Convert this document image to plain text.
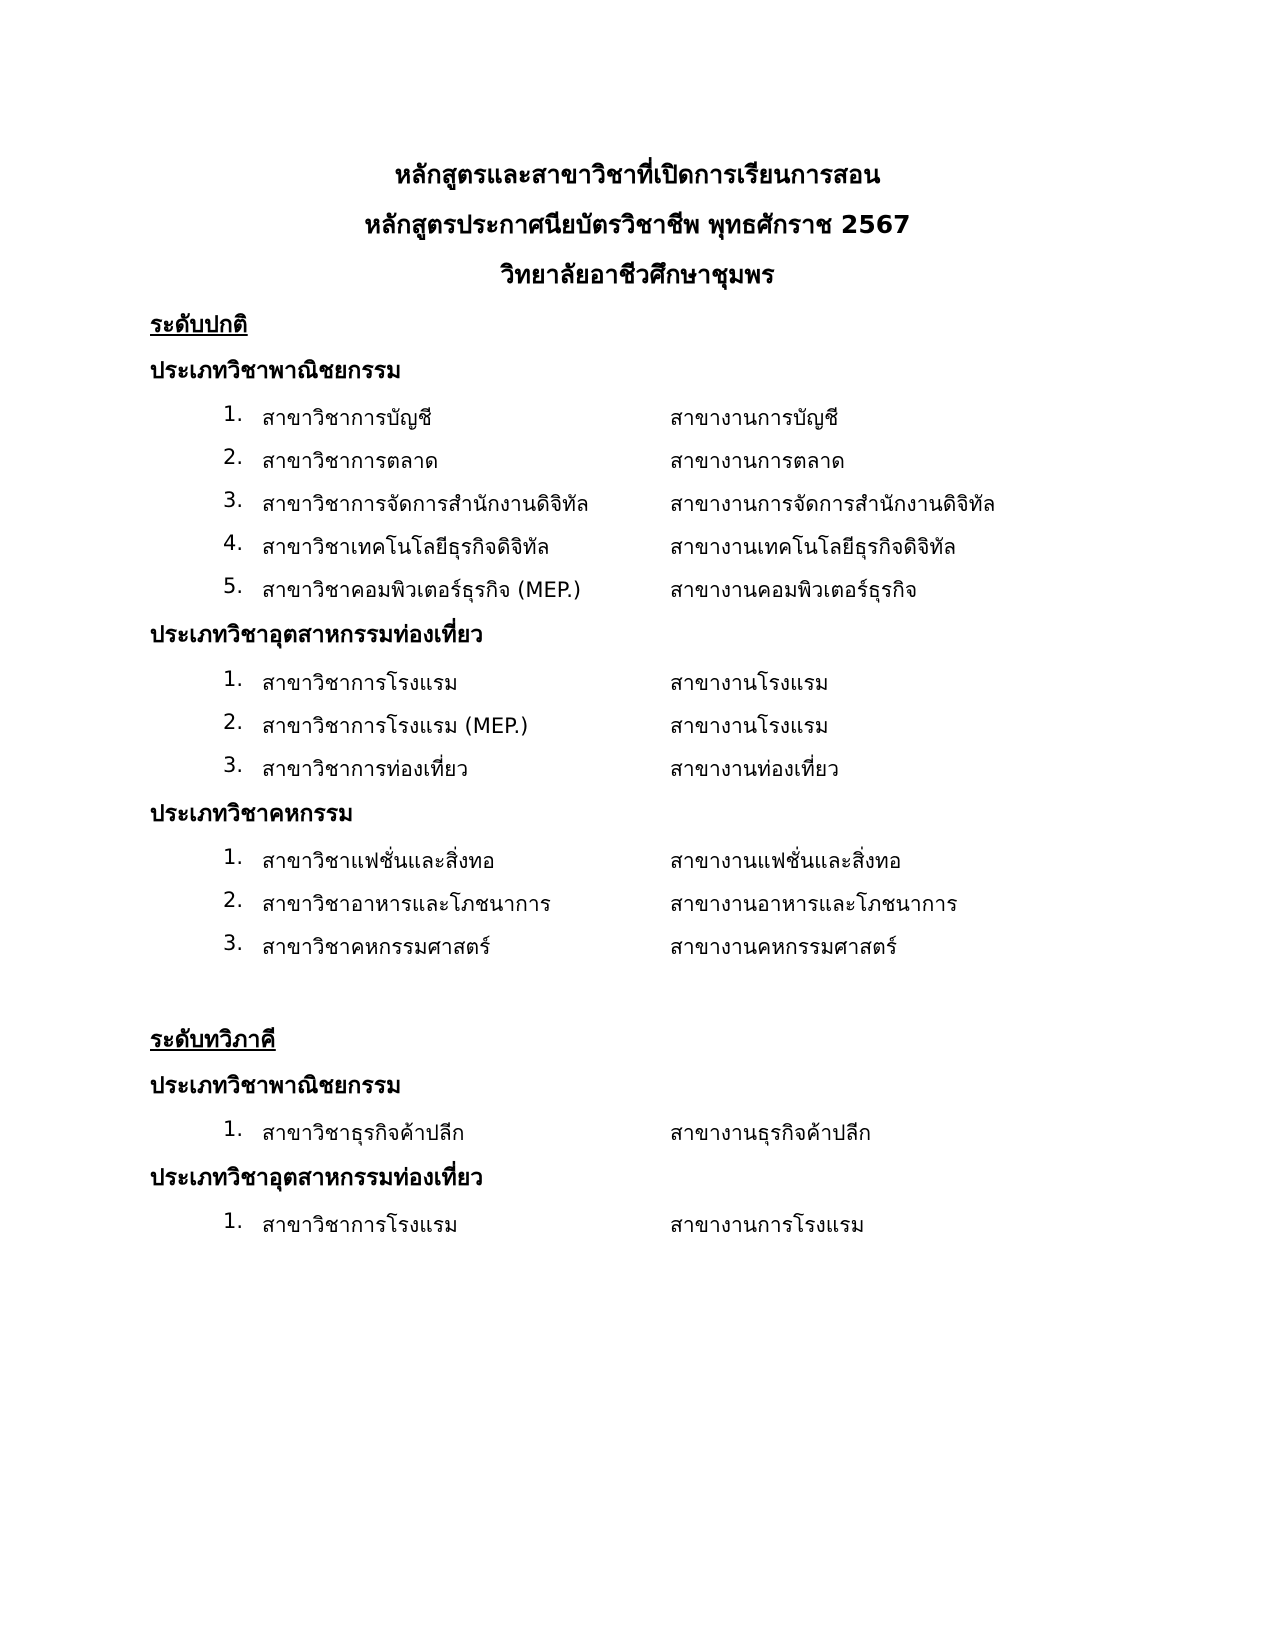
หลักสูตรและสาขาวิชาที่เปิดการเรียนการสอน
หลักสูตรประกาศนียบัตรวิชาชีพ พุทธศักราช 2567
วิทยาลัยอาชีวศึกษาชุมพร
ระดับปกติ
ประเภทวิชาพาณิชยกรรม
1. สาขาวิชาการบัญชี	สาขางานการบัญชี
2. สาขาวิชาการตลาด	สาขางานการตลาด
3. สาขาวิชาการจัดการสำนักงานดิจิทัล	สาขางานการจัดการสำนักงานดิจิทัล
4. สาขาวิชาเทคโนโลยีธุรกิจดิจิทัล	สาขางานเทคโนโลยีธุรกิจดิจิทัล
5. สาขาวิชาคอมพิวเตอร์ธุรกิจ (MEP.)	สาขางานคอมพิวเตอร์ธุรกิจ
ประเภทวิชาอุตสาหกรรมท่องเที่ยว
1. สาขาวิชาการโรงแรม	สาขางานโรงแรม
2. สาขาวิชาการโรงแรม (MEP.)	สาขางานโรงแรม
3. สาขาวิชาการท่องเที่ยว	สาขางานท่องเที่ยว
ประเภทวิชาคหกรรม
1. สาขาวิชาแฟชั่นและสิ่งทอ	สาขางานแฟชั่นและสิ่งทอ
2. สาขาวิชาอาหารและโภชนาการ	สาขางานอาหารและโภชนาการ
3. สาขาวิชาคหกรรมศาสตร์	สาขางานคหกรรมศาสตร์
ระดับทวิภาคี
ประเภทวิชาพาณิชยกรรม
1. สาขาวิชาธุรกิจค้าปลีก	สาขางานธุรกิจค้าปลีก
ประเภทวิชาอุตสาหกรรมท่องเที่ยว
1. สาขาวิชาการโรงแรม	สาขางานการโรงแรม
